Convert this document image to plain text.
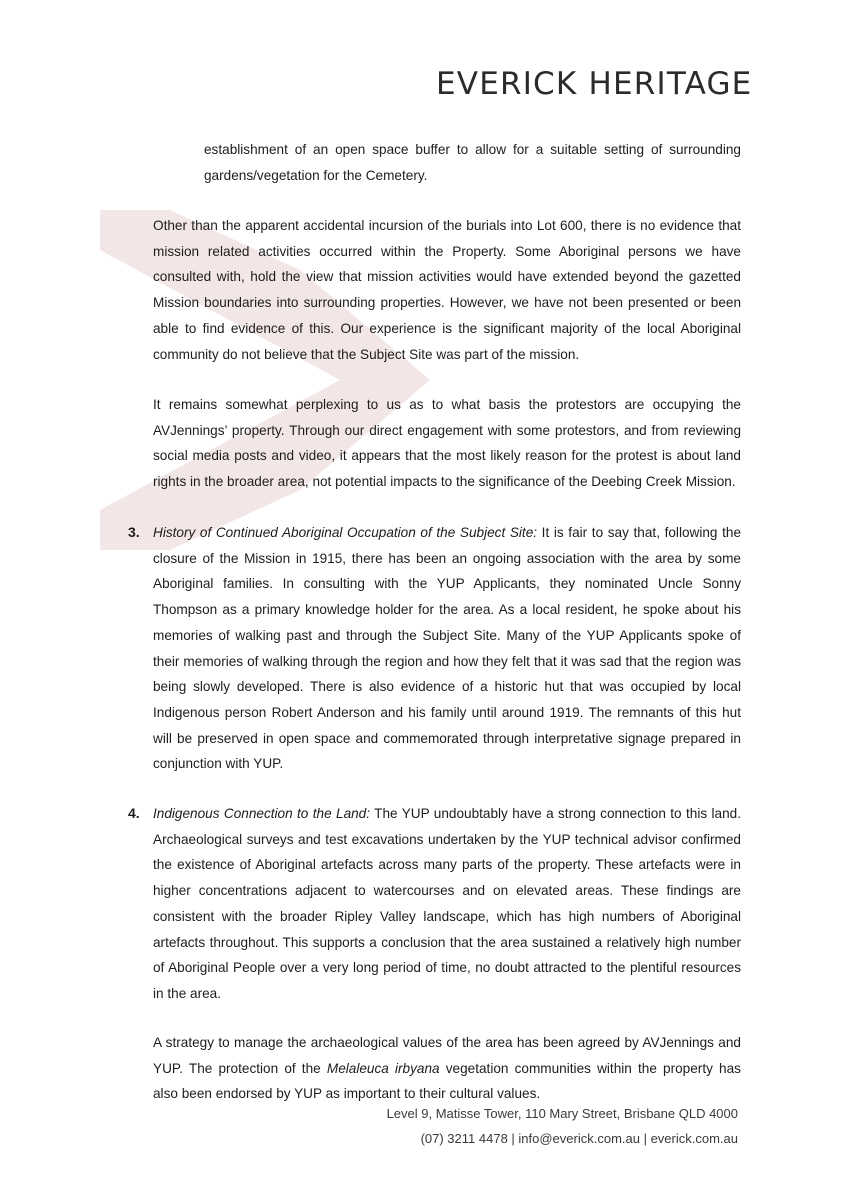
EVERICK HERITAGE
establishment of an open space buffer to allow for a suitable setting of surrounding gardens/vegetation for the Cemetery.
Other than the apparent accidental incursion of the burials into Lot 600, there is no evidence that mission related activities occurred within the Property. Some Aboriginal persons we have consulted with, hold the view that mission activities would have extended beyond the gazetted Mission boundaries into surrounding properties. However, we have not been presented or been able to find evidence of this. Our experience is the significant majority of the local Aboriginal community do not believe that the Subject Site was part of the mission.
It remains somewhat perplexing to us as to what basis the protestors are occupying the AVJennings’ property. Through our direct engagement with some protestors, and from reviewing social media posts and video, it appears that the most likely reason for the protest is about land rights in the broader area, not potential impacts to the significance of the Deebing Creek Mission.
3. History of Continued Aboriginal Occupation of the Subject Site: It is fair to say that, following the closure of the Mission in 1915, there has been an ongoing association with the area by some Aboriginal families. In consulting with the YUP Applicants, they nominated Uncle Sonny Thompson as a primary knowledge holder for the area. As a local resident, he spoke about his memories of walking past and through the Subject Site. Many of the YUP Applicants spoke of their memories of walking through the region and how they felt that it was sad that the region was being slowly developed. There is also evidence of a historic hut that was occupied by local Indigenous person Robert Anderson and his family until around 1919. The remnants of this hut will be preserved in open space and commemorated through interpretative signage prepared in conjunction with YUP.
4. Indigenous Connection to the Land: The YUP undoubtably have a strong connection to this land. Archaeological surveys and test excavations undertaken by the YUP technical advisor confirmed the existence of Aboriginal artefacts across many parts of the property. These artefacts were in higher concentrations adjacent to watercourses and on elevated areas. These findings are consistent with the broader Ripley Valley landscape, which has high numbers of Aboriginal artefacts throughout. This supports a conclusion that the area sustained a relatively high number of Aboriginal People over a very long period of time, no doubt attracted to the plentiful resources in the area.
A strategy to manage the archaeological values of the area has been agreed by AVJennings and YUP. The protection of the Melaleuca irbyana vegetation communities within the property has also been endorsed by YUP as important to their cultural values.
Level 9, Matisse Tower, 110 Mary Street, Brisbane QLD 4000
(07) 3211 4478 | info@everick.com.au | everick.com.au
